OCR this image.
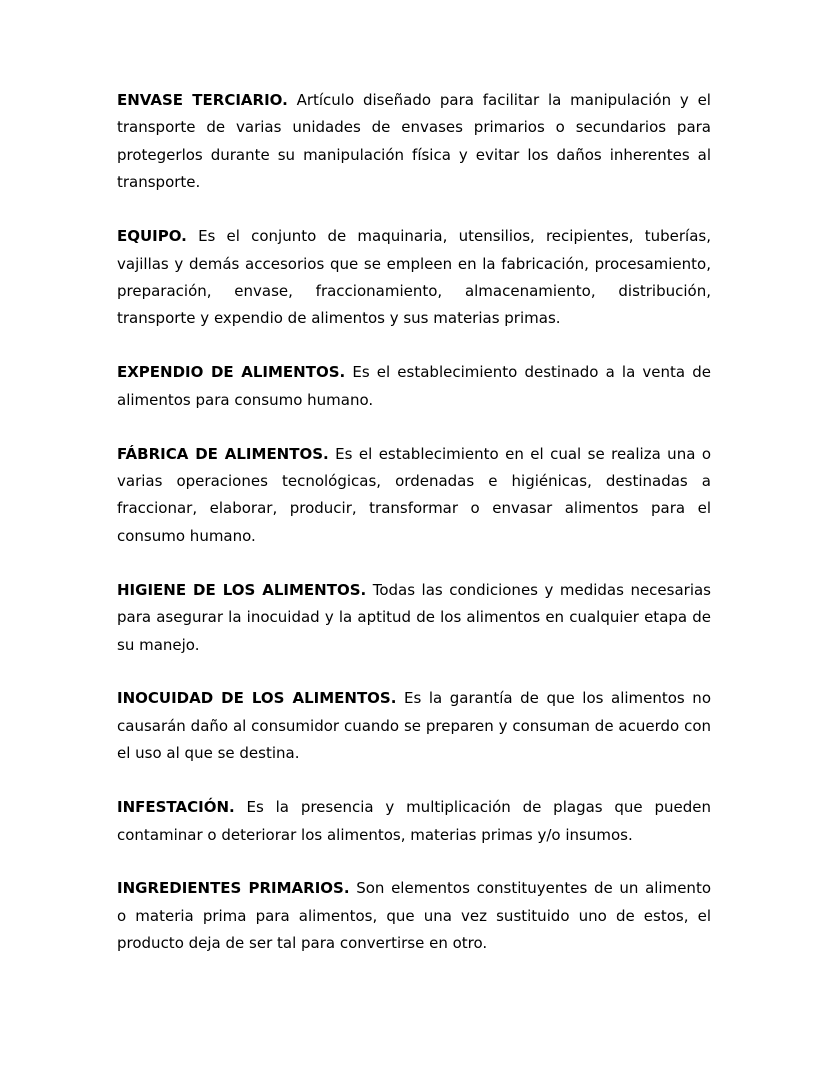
ENVASE TERCIARIO. Artículo diseñado para facilitar la manipulación y el transporte de varias unidades de envases primarios o secundarios para protegerlos durante su manipulación física y evitar los daños inherentes al transporte.

EQUIPO. Es el conjunto de maquinaria, utensilios, recipientes, tuberías, vajillas y demás accesorios que se empleen en la fabricación, procesamiento, preparación, envase, fraccionamiento, almacenamiento, distribución, transporte y expendio de alimentos y sus materias primas.

EXPENDIO DE ALIMENTOS. Es el establecimiento destinado a la venta de alimentos para consumo humano.

FÁBRICA DE ALIMENTOS. Es el establecimiento en el cual se realiza una o varias operaciones tecnológicas, ordenadas e higiénicas, destinadas a fraccionar, elaborar, producir, transformar o envasar alimentos para el consumo humano.

HIGIENE DE LOS ALIMENTOS. Todas las condiciones y medidas necesarias para asegurar la inocuidad y la aptitud de los alimentos en cualquier etapa de su manejo.

INOCUIDAD DE LOS ALIMENTOS. Es la garantía de que los alimentos no causarán daño al consumidor cuando se preparen y consuman de acuerdo con el uso al que se destina.

INFESTACIÓN. Es la presencia y multiplicación de plagas que pueden contaminar o deteriorar los alimentos, materias primas y/o insumos.

INGREDIENTES PRIMARIOS. Son elementos constituyentes de un alimento o materia prima para alimentos, que una vez sustituido uno de estos, el producto deja de ser tal para convertirse en otro.
